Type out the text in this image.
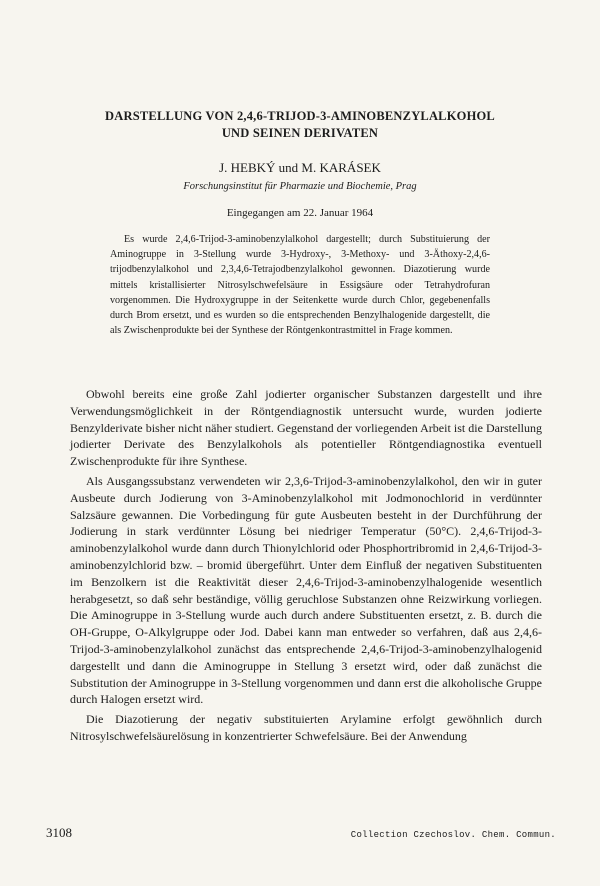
DARSTELLUNG VON 2,4,6-TRIJOD-3-AMINOBENZYLALKOHOL
UND SEINEN DERIVATEN
J. HEBKÝ und M. KARÁSEK
Forschungsinstitut für Pharmazie und Biochemie, Prag
Eingegangen am 22. Januar 1964

Es wurde 2,4,6-Trijod-3-aminobenzylalkohol dargestellt; durch Substituierung der Aminogruppe in 3-Stellung wurde 3-Hydroxy-, 3-Methoxy- und 3-Äthoxy-2,4,6-trijodbenzylalkohol und 2,3,4,6-Tetrajodbenzylalkohol gewonnen. Diazotierung wurde mittels kristallisierter Nitrosylschwefelsäure in Essigsäure oder Tetrahydrofuran vorgenommen. Die Hydroxygruppe in der Seitenkette wurde durch Chlor, gegebenenfalls durch Brom ersetzt, und es wurden so die entsprechenden Benzylhalogenide dargestellt, die als Zwischenprodukte bei der Synthese der Röntgenkontrastmittel in Frage kommen.

Obwohl bereits eine große Zahl jodierter organischer Substanzen dargestellt und ihre Verwendungsmöglichkeit in der Röntgendiagnostik untersucht wurde, wurden jodierte Benzylderivate bisher nicht näher studiert. Gegenstand der vorliegenden Arbeit ist die Darstellung jodierter Derivate des Benzylalkohols als potentieller Röntgendiagnostika eventuell Zwischenprodukte für ihre Synthese.

Als Ausgangssubstanz verwendeten wir 2,3,6-Trijod-3-aminobenzylalkohol, den wir in guter Ausbeute durch Jodierung von 3-Aminobenzylalkohol mit Jodmonochlorid in verdünnter Salzsäure gewannen. Die Vorbedingung für gute Ausbeuten besteht in der Durchführung der Jodierung in stark verdünnter Lösung bei niedriger Temperatur (50°C). 2,4,6-Trijod-3-aminobenzylalkohol wurde dann durch Thionylchlorid oder Phosphortribromid in 2,4,6-Trijod-3-aminobenzylchlorid bzw. – bromid übergeführt. Unter dem Einfluß der negativen Substituenten im Benzolkern ist die Reaktivität dieser 2,4,6-Trijod-3-aminobenzylhalogenide wesentlich herabgesetzt, so daß sehr beständige, völlig geruchlose Substanzen ohne Reizwirkung vorliegen. Die Aminogruppe in 3-Stellung wurde auch durch andere Substituenten ersetzt, z. B. durch die OH-Gruppe, O-Alkylgruppe oder Jod. Dabei kann man entweder so verfahren, daß aus 2,4,6-Trijod-3-aminobenzylalkohol zunächst das entsprechende 2,4,6-Trijod-3-aminobenzylhalogenid dargestellt und dann die Aminogruppe in Stellung 3 ersetzt wird, oder daß zunächst die Substitution der Aminogruppe in 3-Stellung vorgenommen und dann erst die alkoholische Gruppe durch Halogen ersetzt wird.

Die Diazotierung der negativ substituierten Arylamine erfolgt gewöhnlich durch Nitrosylschwefelsäurelösung in konzentrierter Schwefelsäure. Bei der Anwendung

3108	Collection Czechoslov. Chem. Commun.
